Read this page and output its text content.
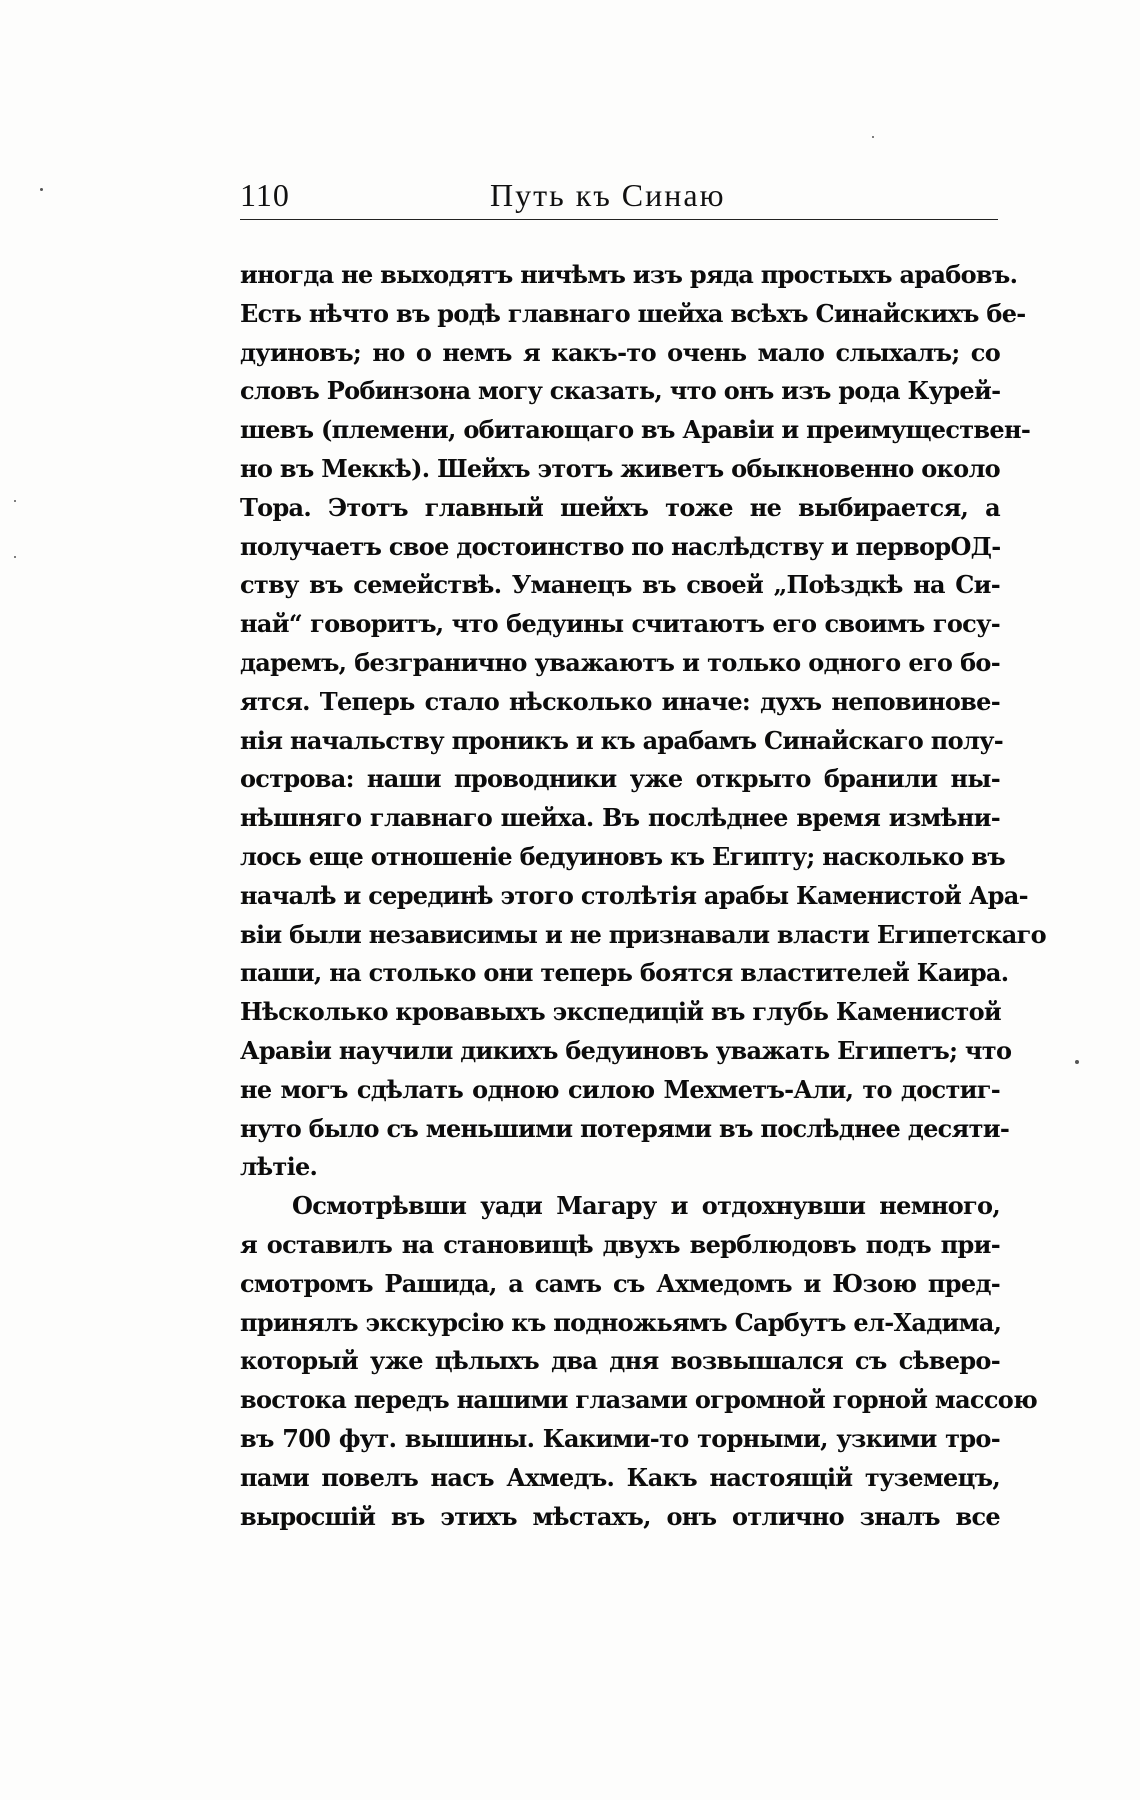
110	Путь къ Синаю
иногда не выходятъ ничѣмъ изъ ряда простыхъ арабовъ.
Есть нѣчто въ родѣ главнаго шейха всѣхъ Синайскихъ бе-
дуиновъ; но о немъ я какъ-то очень мало слыхалъ; со
словъ Робинзона могу сказать, что онъ изъ рода Курей-
шевъ (племени, обитающаго въ Аравіи и преимуществен-
но въ Меккѣ). Шейхъ этотъ живетъ обыкновенно около
Тора. Этотъ главный шейхъ тоже не выбирается, а
получаетъ свое достоинство по наслѣдству и перворОД-
ству въ семействѣ. Уманецъ въ своей „Поѣздкѣ на Си-
най“ говоритъ, что бедуины считаютъ его своимъ госу-
даремъ, безгранично уважаютъ и только одного его бо-
ятся. Теперь стало нѣсколько иначе: духъ неповинове-
нія начальству проникъ и къ арабамъ Синайскаго полу-
острова: наши проводники уже открыто бранили ны-
нѣшняго главнаго шейха. Въ послѣднее время измѣни-
лось еще отношеніе бедуиновъ къ Египту; насколько въ
началѣ и серединѣ этого столѣтія арабы Каменистой Ара-
віи были независимы и не признавали власти Египетскаго
паши, на столько они теперь боятся властителей Каира.
Нѣсколько кровавыхъ экспедицій въ глубь Каменистой
Аравіи научили дикихъ бедуиновъ уважать Египетъ; что
не могъ сдѣлать одною силою Мехметъ-Али, то достиг-
нуто было съ меньшими потерями въ послѣднее десяти-
лѣтіе.
Осмотрѣвши уади Магару и отдохнувши немного,
я оставилъ на становищѣ двухъ верблюдовъ подъ при-
смотромъ Рашида, а самъ съ Ахмедомъ и Юзою пред-
принялъ экскурсію къ подножьямъ Сарбутъ ел-Хадима,
который уже цѣлыхъ два дня возвышался съ сѣверо-
востока передъ нашими глазами огромной горной массою
въ 700 фут. вышины. Какими-то торными, узкими тро-
пами повелъ насъ Ахмедъ. Какъ настоящій туземецъ,
выросшій въ этихъ мѣстахъ, онъ отлично зналъ все
